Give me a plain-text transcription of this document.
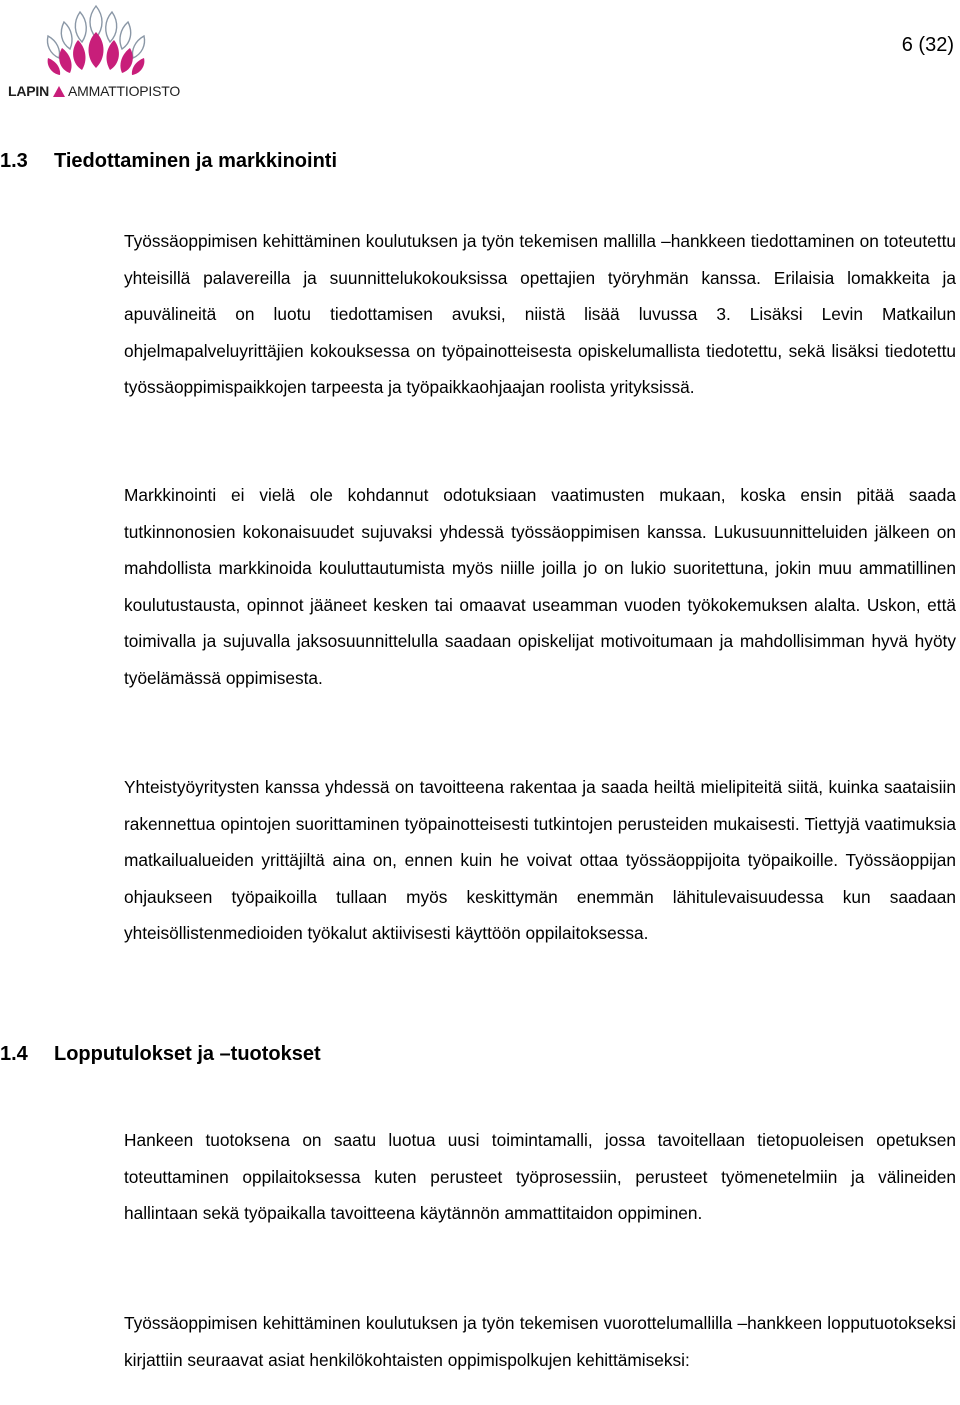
LAPIN AMMATTIOPISTO
6 (32)
1.3 Tiedottaminen ja markkinointi

Työssäoppimisen kehittäminen koulutuksen ja työn tekemisen mallilla –hankkeen tiedottaminen on toteutettu yhteisillä palavereilla ja suunnittelukokouksissa opettajien työryhmän kanssa. Erilaisia lomakkeita ja apuvälineitä on luotu tiedottamisen avuksi, niistä lisää luvussa 3. Lisäksi Levin Matkailun ohjelmapalveluyrittäjien kokouksessa on työpainotteisesta opiskelumallista tiedotettu, sekä lisäksi tiedotettu työssäoppimispaikkojen tarpeesta ja työpaikkaohjaajan roolista yrityksissä.

Markkinointi ei vielä ole kohdannut odotuksiaan vaatimusten mukaan, koska ensin pitää saada tutkinnonosien kokonaisuudet sujuvaksi yhdessä työssäoppimisen kanssa. Lukusuunnitteluiden jälkeen on mahdollista markkinoida kouluttautumista myös niille joilla jo on lukio suoritettuna, jokin muu ammatillinen koulutustausta, opinnot jääneet kesken tai omaavat useamman vuoden työkokemuksen alalta. Uskon, että toimivalla ja sujuvalla jaksosuunnittelulla saadaan opiskelijat motivoitumaan ja mahdollisimman hyvä hyöty työelämässä oppimisesta.

Yhteistyöyritysten kanssa yhdessä on tavoitteena rakentaa ja saada heiltä mielipiteitä siitä, kuinka saataisiin rakennettua opintojen suorittaminen työpainotteisesti tutkintojen perusteiden mukaisesti. Tiettyjä vaatimuksia matkailualueiden yrittäjiltä aina on, ennen kuin he voivat ottaa työssäoppijoita työpaikoille. Työssäoppijan ohjaukseen työpaikoilla tullaan myös keskittymän enemmän lähitulevaisuudessa kun saadaan yhteisöllistenmedioiden työkalut aktiivisesti käyttöön oppilaitoksessa.

1.4 Lopputulokset ja –tuotokset

Hankeen tuotoksena on saatu luotua uusi toimintamalli, jossa tavoitellaan tietopuoleisen opetuksen toteuttaminen oppilaitoksessa kuten perusteet työprosessiin, perusteet työmenetelmiin ja välineiden hallintaan sekä työpaikalla tavoitteena käytännön ammattitaidon oppiminen.

Työssäoppimisen kehittäminen koulutuksen ja työn tekemisen vuorottelumallilla –hankkeen lopputuotokseksi kirjattiin seuraavat asiat henkilökohtaisten oppimispolkujen kehittämiseksi:
